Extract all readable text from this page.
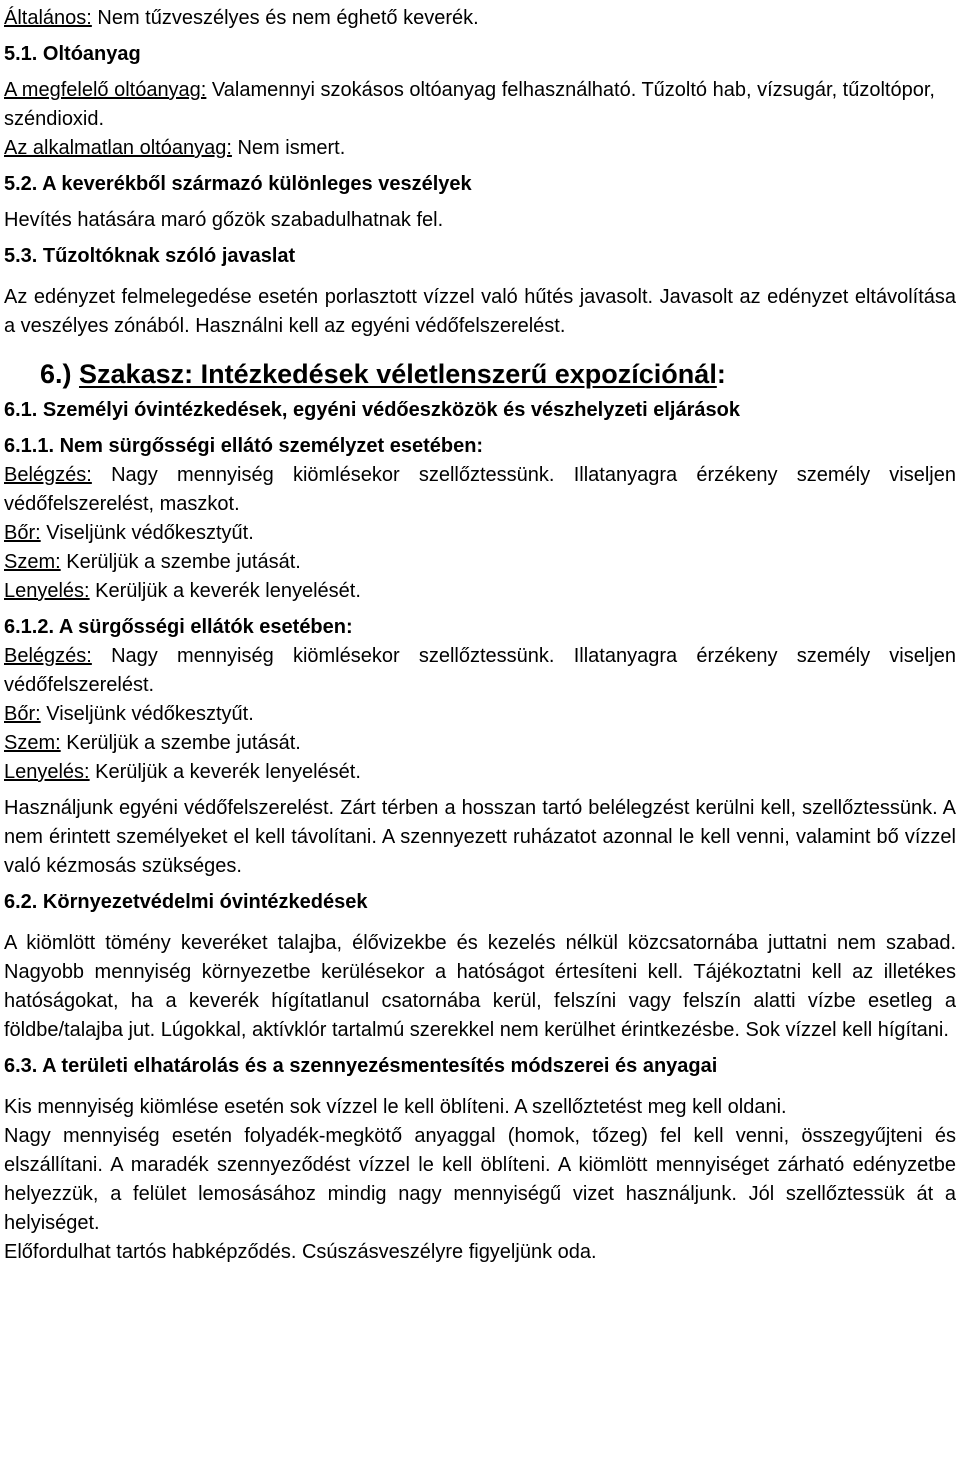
Általános: Nem tűzveszélyes és nem éghető keverék.

5.1. Oltóanyag

A megfelelő oltóanyag: Valamennyi szokásos oltóanyag felhasználható. Tűzoltó hab, vízsugár, tűzoltópor, széndioxid.

Az alkalmatlan oltóanyag: Nem ismert.

5.2. A keverékből származó különleges veszélyek

Hevítés hatására maró gőzök szabadulhatnak fel.

5.3. Tűzoltóknak szóló javaslat

Az edényzet felmelegedése esetén porlasztott vízzel való hűtés javasolt. Javasolt az edényzet eltávolítása a veszélyes zónából. Használni kell az egyéni védőfelszerelést.

6.) Szakasz: Intézkedések véletlenszerű expozíciónál:

6.1. Személyi óvintézkedések, egyéni védőeszközök és vészhelyzeti eljárások

6.1.1. Nem sürgősségi ellátó személyzet esetében:

Belégzés: Nagy mennyiség kiömlésekor szellőztessünk. Illatanyagra érzékeny személy viseljen védőfelszerelést, maszkot.

Bőr: Viseljünk védőkesztyűt.

Szem: Kerüljük a szembe jutását.

Lenyelés: Kerüljük a keverék lenyelését.

6.1.2. A sürgősségi ellátók esetében:

Belégzés: Nagy mennyiség kiömlésekor szellőztessünk. Illatanyagra érzékeny személy viseljen védőfelszerelést.

Bőr: Viseljünk védőkesztyűt.

Szem: Kerüljük a szembe jutását.

Lenyelés: Kerüljük a keverék lenyelését.

Használjunk egyéni védőfelszerelést. Zárt térben a hosszan tartó belélegzést kerülni kell, szellőztessünk. A nem érintett személyeket el kell távolítani. A szennyezett ruházatot azonnal le kell venni, valamint bő vízzel való kézmosás szükséges.

6.2. Környezetvédelmi óvintézkedések

A kiömlött tömény keveréket talajba, élővizekbe és kezelés nélkül közcsatornába juttatni nem szabad. Nagyobb mennyiség környezetbe kerülésekor a hatóságot értesíteni kell. Tájékoztatni kell az illetékes hatóságokat, ha a keverék hígítatlanul csatornába kerül, felszíni vagy felszín alatti vízbe esetleg a földbe/talajba jut. Lúgokkal, aktívklór tartalmú szerekkel nem kerülhet érintkezésbe. Sok vízzel kell hígítani.

6.3. A területi elhatárolás és a szennyezésmentesítés módszerei és anyagai

Kis mennyiség kiömlése esetén sok vízzel le kell öblíteni. A szellőztetést meg kell oldani.

Nagy mennyiség esetén folyadék-megkötő anyaggal (homok, tőzeg) fel kell venni, összegyűjteni és elszállítani. A maradék szennyeződést vízzel le kell öblíteni. A kiömlött mennyiséget zárható edényzetbe helyezzük, a felület lemosásához mindig nagy mennyiségű vizet használjunk. Jól szellőztessük át a helyiséget.

Előfordulhat tartós habképződés. Csúszásveszélyre figyeljünk oda.
